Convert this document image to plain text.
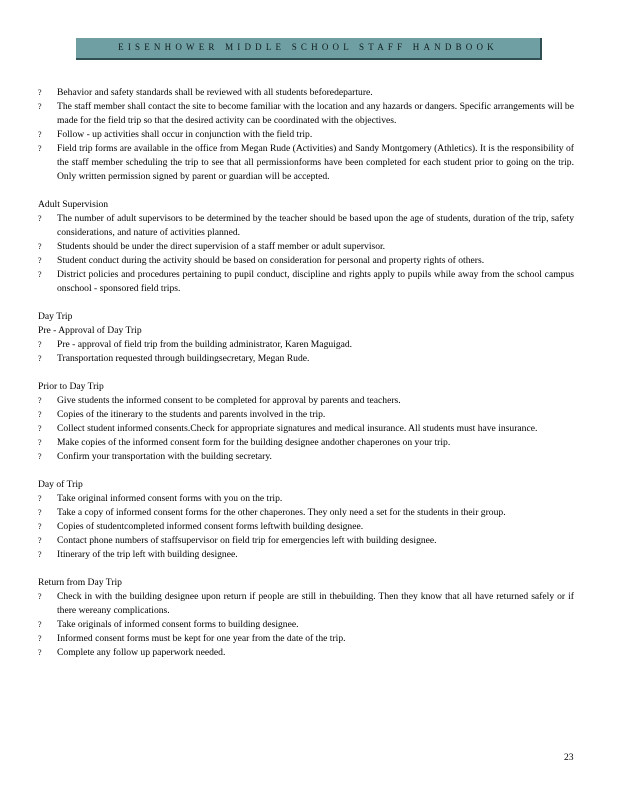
EISENHOWER MIDDLE SCHOOL STAFF HANDBOOK
? Behavior and safety standards shall be reviewed with all students beforedeparture.
? The staff member shall contact the site to become familiar with the location and any hazards or dangers. Specific arrangements will be made for the field trip so that the desired activity can be coordinated with the objectives.
? Follow - up activities shall occur in conjunction with the field trip.
? Field trip forms are available in the office from Megan Rude (Activities) and Sandy Montgomery (Athletics). It is the responsibility of the staff member scheduling the trip to see that all permissionforms have been completed for each student prior to going on the trip. Only written permission signed by parent or guardian will be accepted.
Adult Supervision
? The number of adult supervisors to be determined by the teacher should be based upon the age of students, duration of the trip, safety considerations, and nature of activities planned.
? Students should be under the direct supervision of a staff member or adult supervisor.
? Student conduct during the activity should be based on consideration for personal and property rights of others.
? District policies and procedures pertaining to pupil conduct, discipline and rights apply to pupils while away from the school campus onschool - sponsored field trips.
Day Trip
Pre - Approval of Day Trip
? Pre - approval of field trip from the building administrator, Karen Maguigad.
? Transportation requested through buildingsecretary, Megan Rude.
Prior to Day Trip
? Give students the informed consent to be completed for approval by parents and teachers.
? Copies of the itinerary to the students and parents involved in the trip.
? Collect student informed consents.Check for appropriate signatures and medical insurance. All students must have insurance.
? Make copies of the informed consent form for the building designee andother chaperones on your trip.
? Confirm your transportation with the building secretary.
Day of Trip
? Take original informed consent forms with you on the trip.
? Take a copy of informed consent forms for the other chaperones. They only need a set for the students in their group.
? Copies of studentcompleted informed consent forms leftwith building designee.
? Contact phone numbers of staffsupervisor on field trip for emergencies left with building designee.
? Itinerary of the trip left with building designee.
Return from Day Trip
? Check in with the building designee upon return if people are still in thebuilding. Then they know that all have returned safely or if there wereany complications.
? Take originals of informed consent forms to building designee.
? Informed consent forms must be kept for one year from the date of the trip.
? Complete any follow up paperwork needed.
23
